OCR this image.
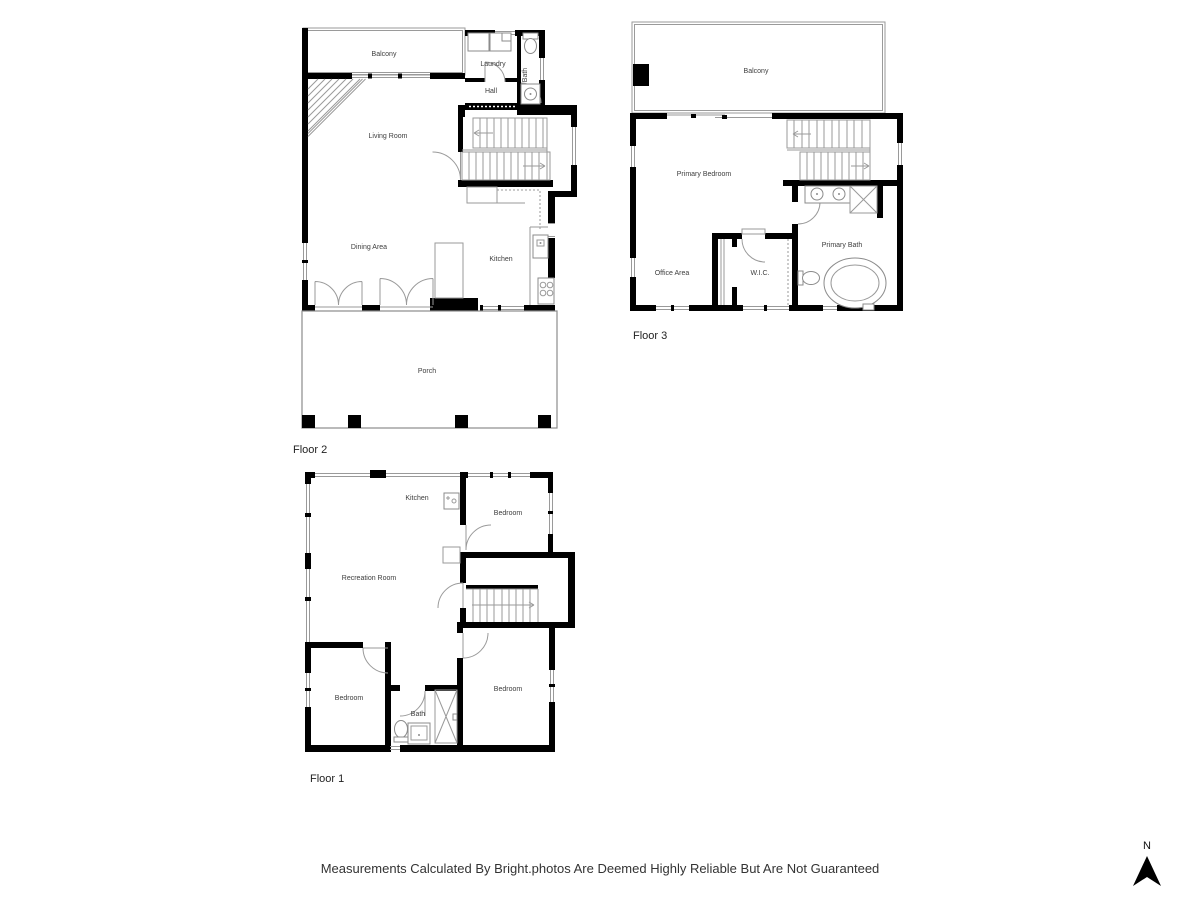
Balcony
Laundry
Hall
Bath
Living Room
Dining Area
Kitchen
Porch
Floor 2
Balcony
Primary Bedroom
Office Area	W.I.C.
Primary Bath
Floor 3
Kitchen
Bedroom
Recreation Room
Bedroom
Bath
Bedroom
Floor 1
N
Measurements Calculated By Bright.photos Are Deemed Highly Reliable But Are Not Guaranteed
